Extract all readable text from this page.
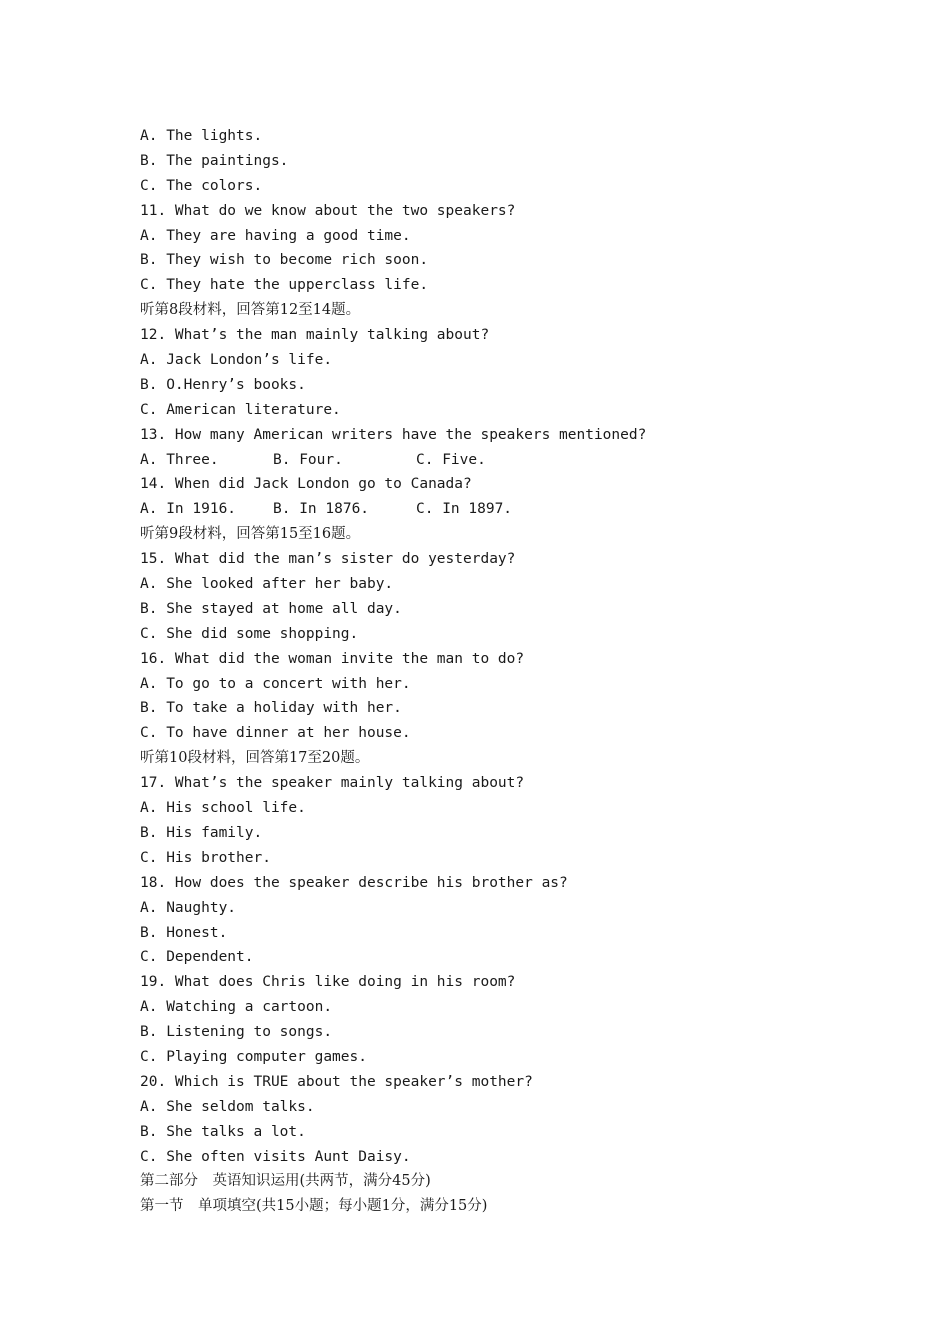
A. The lights.
B. The paintings.
C. The colors.
11. What do we know about the two speakers?
A. They are having a good time.
B. They wish to become rich soon.
C. They hate the upperclass life.
听第8段材料，回答第12至14题。
12. What’s the man mainly talking about?
A. Jack London’s life.
B. O.Henry’s books.
C. American literature.
13. How many American writers have the speakers mentioned?
A. Three.	B. Four.	C. Five.
14. When did Jack London go to Canada?
A. In 1916.	B. In 1876.	C. In 1897.
听第9段材料，回答第15至16题。
15. What did the man’s sister do yesterday?
A. She looked after her baby.
B. She stayed at home all day.
C. She did some shopping.
16. What did the woman invite the man to do?
A. To go to a concert with her.
B. To take a holiday with her.
C. To have dinner at her house.
听第10段材料，回答第17至20题。
17. What’s the speaker mainly talking about?
A. His school life.
B. His family.
C. His brother.
18. How does the speaker describe his brother as?
A. Naughty.
B. Honest.
C. Dependent.
19. What does Chris like doing in his room?
A. Watching a cartoon.
B. Listening to songs.
C. Playing computer games.
20. Which is TRUE about the speaker’s mother?
A. She seldom talks.
B. She talks a lot.
C. She often visits Aunt Daisy.
第二部分　英语知识运用(共两节，满分45分)
第一节　单项填空(共15小题；每小题1分，满分15分)
